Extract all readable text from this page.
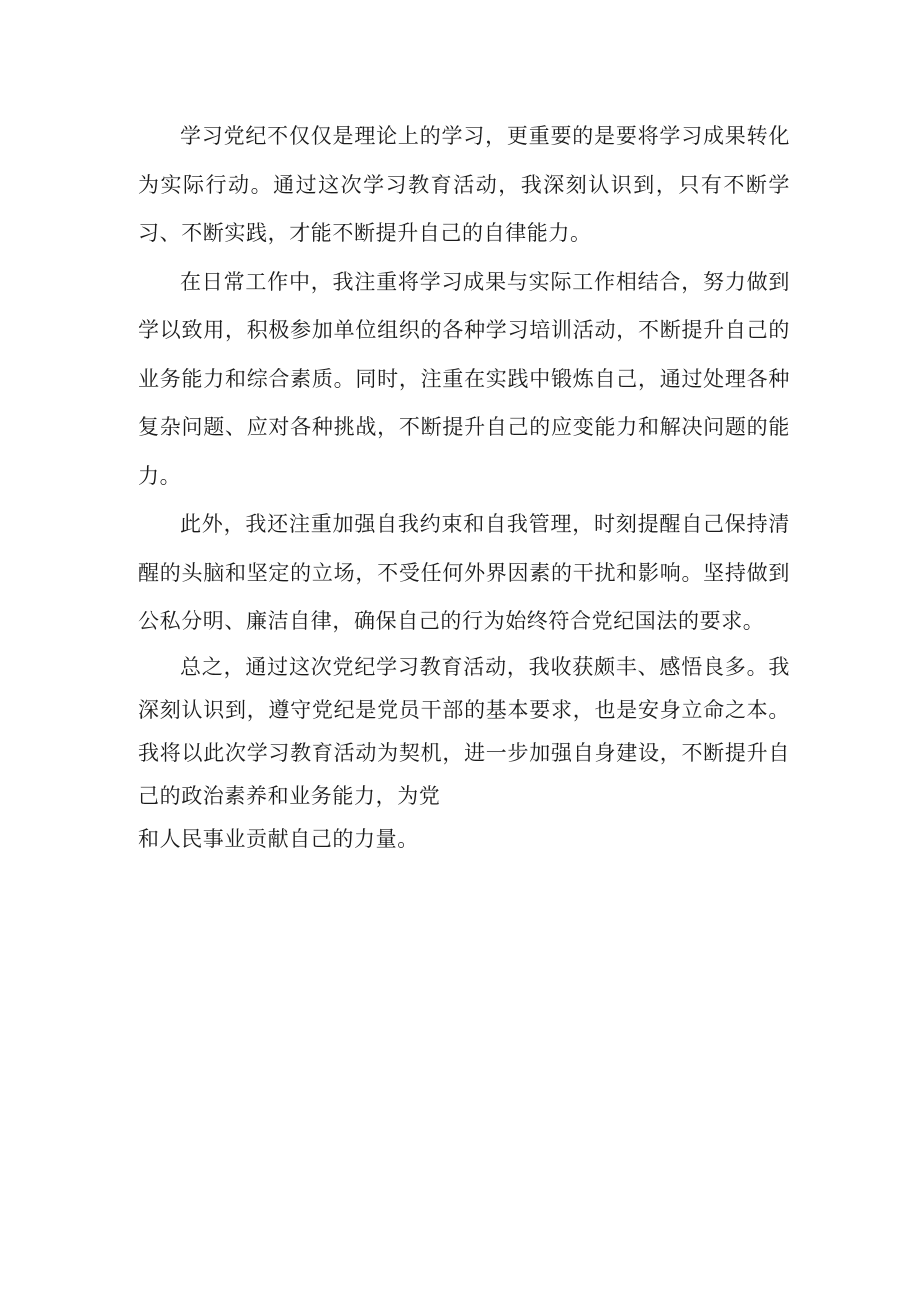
学习党纪不仅仅是理论上的学习，更重要的是要将学习成果转化为实际行动。通过这次学习教育活动，我深刻认识到，只有不断学习、不断实践，才能不断提升自己的自律能力。

在日常工作中，我注重将学习成果与实际工作相结合，努力做到学以致用，积极参加单位组织的各种学习培训活动，不断提升自己的业务能力和综合素质。同时，注重在实践中锻炼自己，通过处理各种复杂问题、应对各种挑战，不断提升自己的应变能力和解决问题的能力。

此外，我还注重加强自我约束和自我管理，时刻提醒自己保持清醒的头脑和坚定的立场，不受任何外界因素的干扰和影响。坚持做到公私分明、廉洁自律，确保自己的行为始终符合党纪国法的要求。

总之，通过这次党纪学习教育活动，我收获颇丰、感悟良多。我深刻认识到，遵守党纪是党员干部的基本要求，也是安身立命之本。我将以此次学习教育活动为契机，进一步加强自身建设，不断提升自己的政治素养和业务能力，为党
和人民事业贡献自己的力量。
